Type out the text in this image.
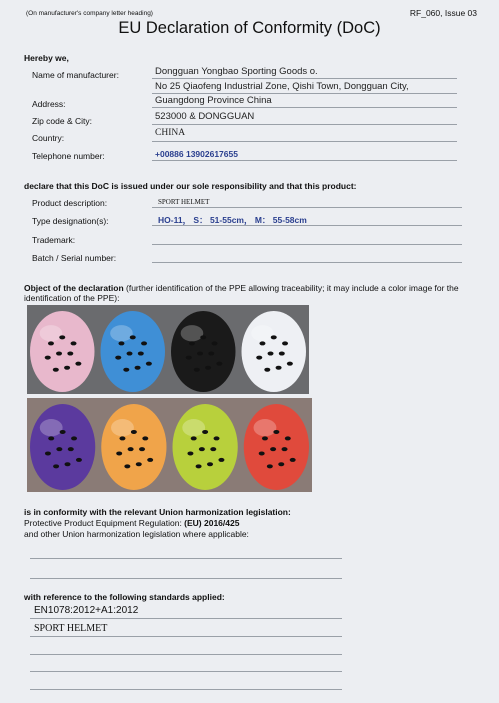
(On manufacturer's company letter heading)	RF_060, Issue 03
EU Declaration of Conformity (DoC)
Hereby we,
Name of manufacturer:	Dongguan Yongbao Sporting Goods o.
No 25 Qiaofeng Industrial Zone, Qishi Town, Dongguan City,
Address:	Guangdong Province China
Zip code & City:	523000 & DONGGUAN
Country:	CHINA
Telephone number:	+00886 13902617655
declare that this DoC is issued under our sole responsibility and that this product:
Product description:	SPORT HELMET
Type designation(s):	HO-11， S： 51-55cm， M： 55-58cm
Trademark:
Batch / Serial number:
Object of the declaration (further identification of the PPE allowing traceability; it may include a color image for the
identification of the PPE):
is in conformity with the relevant Union harmonization legislation:
Protective Product Equipment Regulation: (EU) 2016/425
and other Union harmonization legislation where applicable:
with reference to the following standards applied:
EN1078:2012+A1:2012
SPORT HELMET
